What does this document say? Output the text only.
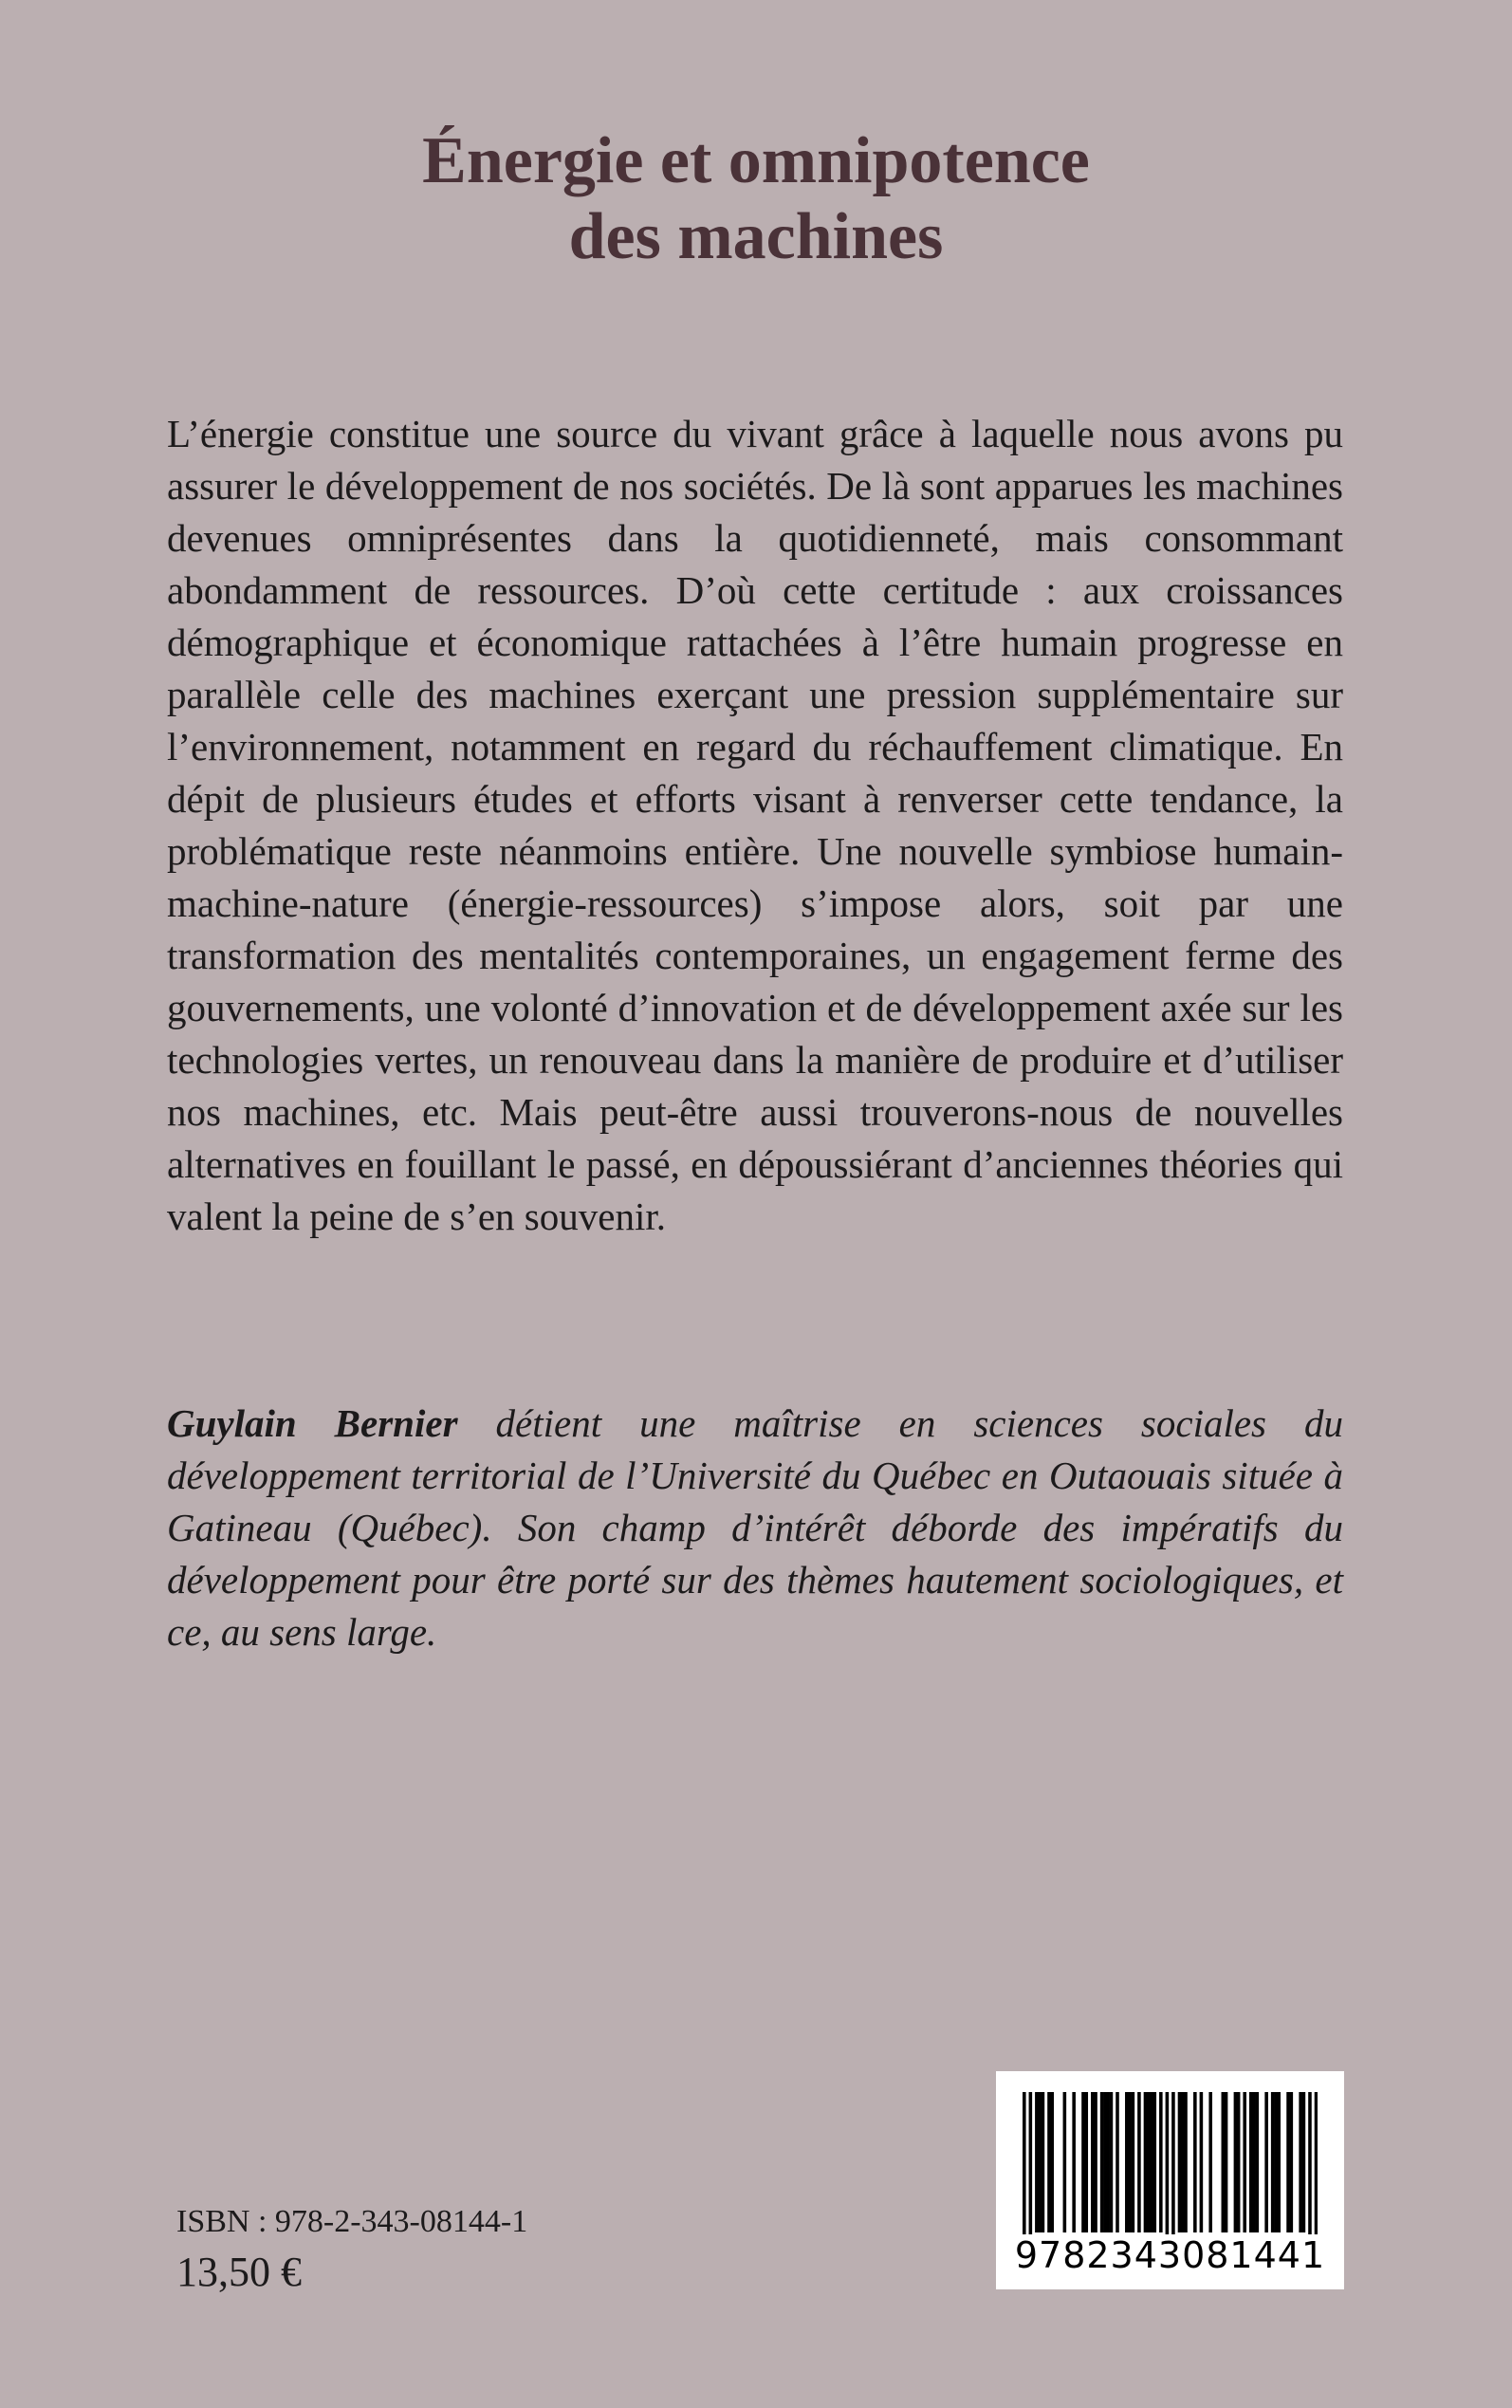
Énergie et omnipotence
des machines

L’énergie constitue une source du vivant grâce à laquelle nous avons pu assurer le développement de nos sociétés. De là sont apparues les machines devenues omniprésentes dans la quotidienneté, mais consommant abondamment de ressources. D’où cette certitude : aux croissances démographique et économique rattachées à l’être humain progresse en parallèle celle des machines exerçant une pression supplémentaire sur l’environnement, notamment en regard du réchauffement climatique. En dépit de plusieurs études et efforts visant à renverser cette tendance, la problématique reste néanmoins entière. Une nouvelle symbiose humain-machine-nature (énergie-ressources) s’impose alors, soit par une transformation des mentalités contemporaines, un engagement ferme des gouvernements, une volonté d’innovation et de développement axée sur les technologies vertes, un renouveau dans la manière de produire et d’utiliser nos machines, etc. Mais peut-être aussi trouverons-nous de nouvelles alternatives en fouillant le passé, en dépoussiérant d’anciennes théories qui valent la peine de s’en souvenir.

Guylain Bernier détient une maîtrise en sciences sociales du développement territorial de l’Université du Québec en Outaouais située à Gatineau (Québec). Son champ d’intérêt déborde des impératifs du développement pour être porté sur des thèmes hautement sociologiques, et ce, au sens large.

ISBN : 978-2-343-08144-1
13,50 €	9782343081441
